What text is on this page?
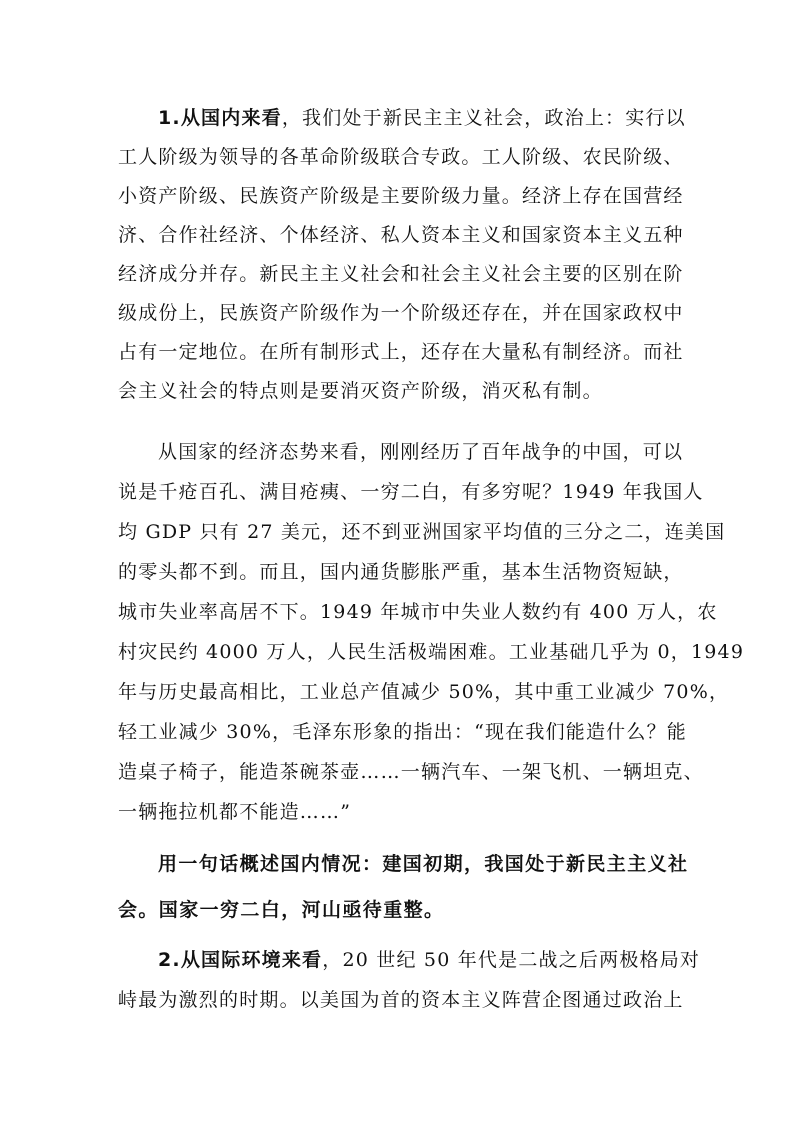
1.从国内来看，我们处于新民主主义社会，政治上：实行以
工人阶级为领导的各革命阶级联合专政。工人阶级、农民阶级、
小资产阶级、民族资产阶级是主要阶级力量。经济上存在国营经
济、合作社经济、个体经济、私人资本主义和国家资本主义五种
经济成分并存。新民主主义社会和社会主义社会主要的区别在阶
级成份上，民族资产阶级作为一个阶级还存在，并在国家政权中
占有一定地位。在所有制形式上，还存在大量私有制经济。而社
会主义社会的特点则是要消灭资产阶级，消灭私有制。
从国家的经济态势来看，刚刚经历了百年战争的中国，可以
说是千疮百孔、满目疮痍、一穷二白，有多穷呢？1949 年我国人
均 GDP 只有 27 美元，还不到亚洲国家平均值的三分之二，连美国
的零头都不到。而且，国内通货膨胀严重，基本生活物资短缺，
城市失业率高居不下。1949 年城市中失业人数约有 400 万人，农
村灾民约 4000 万人，人民生活极端困难。工业基础几乎为 0，1949
年与历史最高相比，工业总产值减少 50%，其中重工业减少 70%，
轻工业减少 30%，毛泽东形象的指出：“现在我们能造什么？能
造桌子椅子，能造茶碗茶壶……一辆汽车、一架飞机、一辆坦克、
一辆拖拉机都不能造……”
用一句话概述国内情况：建国初期，我国处于新民主主义社
会。国家一穷二白，河山亟待重整。
2.从国际环境来看，20 世纪 50 年代是二战之后两极格局对
峙最为激烈的时期。以美国为首的资本主义阵营企图通过政治上
